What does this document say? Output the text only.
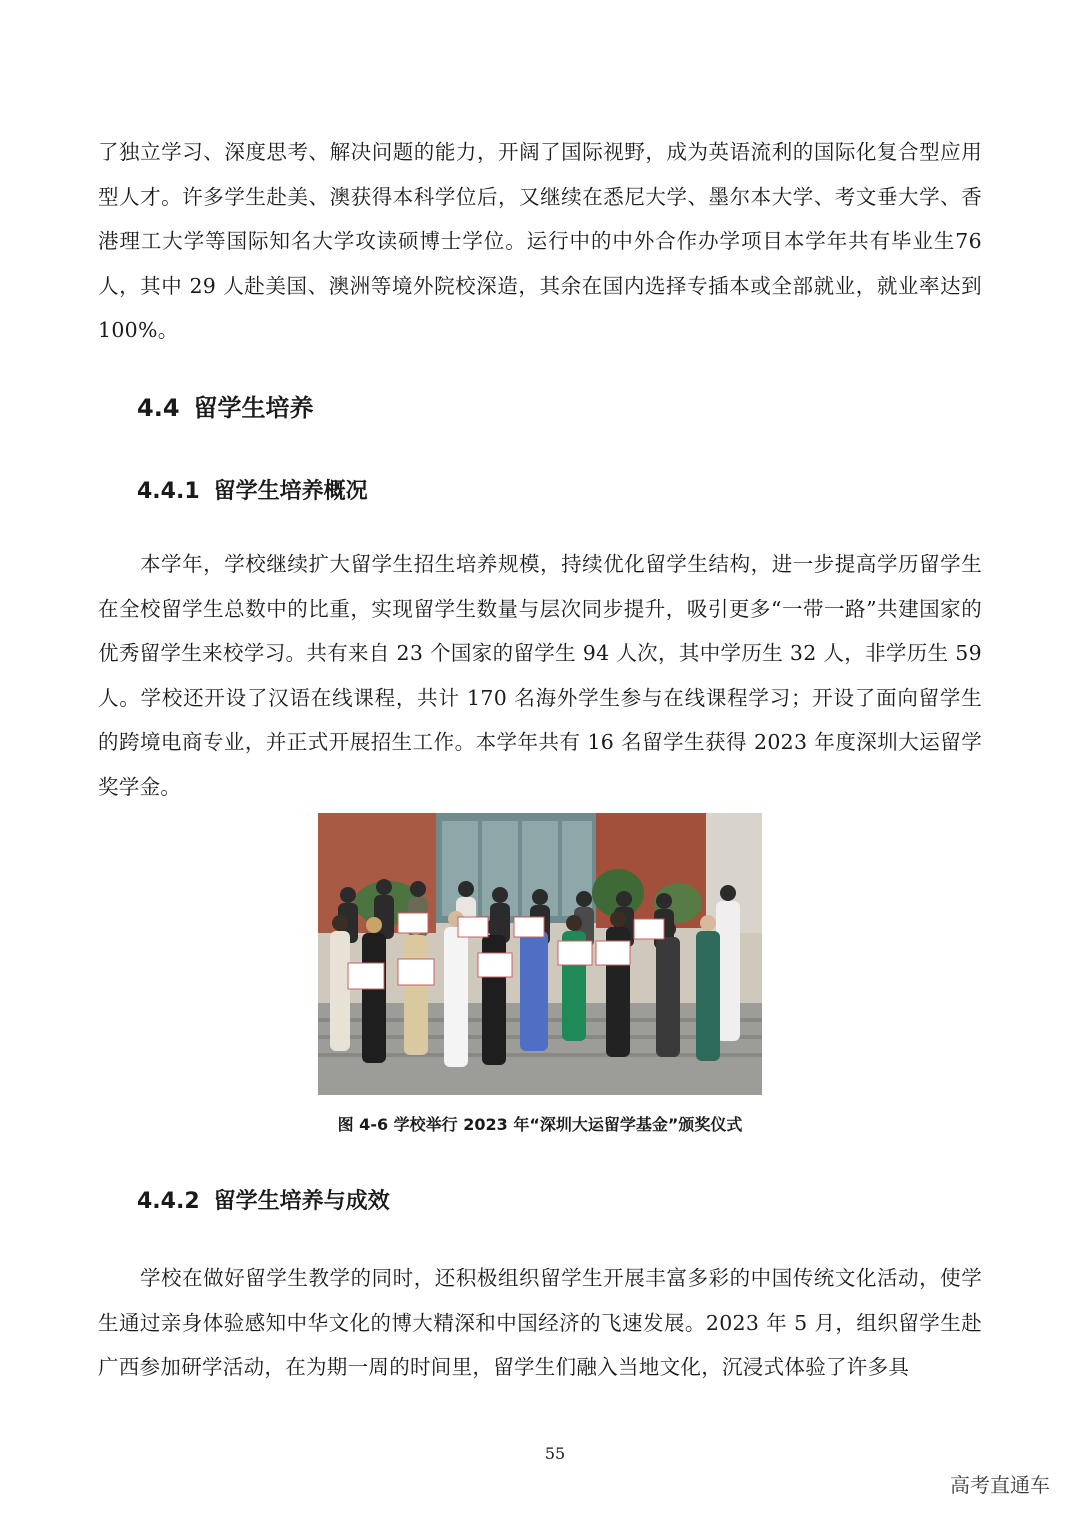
了独立学习、深度思考、解决问题的能力，开阔了国际视野，成为英语流利的国际化复合型应用型人才。许多学生赴美、澳获得本科学位后，又继续在悉尼大学、墨尔本大学、考文垂大学、香港理工大学等国际知名大学攻读硕博士学位。运行中的中外合作办学项目本学年共有毕业生76 人，其中 29 人赴美国、澳洲等境外院校深造，其余在国内选择专插本或全部就业，就业率达到 100%。

4.4 留学生培养
4.4.1 留学生培养概况

本学年，学校继续扩大留学生招生培养规模，持续优化留学生结构，进一步提高学历留学生在全校留学生总数中的比重，实现留学生数量与层次同步提升，吸引更多“一带一路”共建国家的优秀留学生来校学习。共有来自 23 个国家的留学生 94 人次，其中学历生 32 人，非学历生 59 人。学校还开设了汉语在线课程，共计 170 名海外学生参与在线课程学习；开设了面向留学生的跨境电商专业，并正式开展招生工作。本学年共有 16 名留学生获得 2023 年度深圳大运留学奖学金。

图 4-6 学校举行 2023 年“深圳大运留学基金”颁奖仪式

4.4.2 留学生培养与成效

学校在做好留学生教学的同时，还积极组织留学生开展丰富多彩的中国传统文化活动，使学生通过亲身体验感知中华文化的博大精深和中国经济的飞速发展。2023 年 5 月，组织留学生赴广西参加研学活动，在为期一周的时间里，留学生们融入当地文化，沉浸式体验了许多具

55

高考直通车
